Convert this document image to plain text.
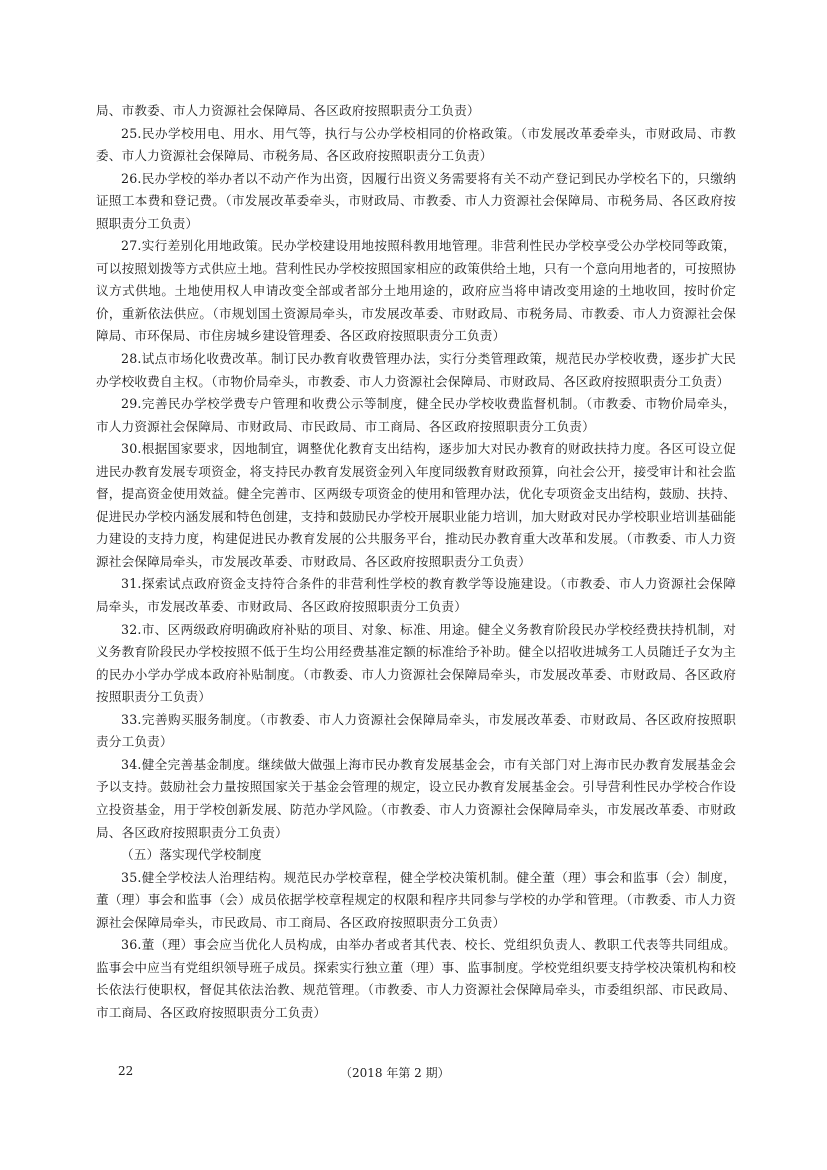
局、市教委、市人力资源社会保障局、各区政府按照职责分工负责）

25.民办学校用电、用水、用气等，执行与公办学校相同的价格政策。（市发展改革委牵头，市财政局、市教委、市人力资源社会保障局、市税务局、各区政府按照职责分工负责）

26.民办学校的举办者以不动产作为出资，因履行出资义务需要将有关不动产登记到民办学校名下的，只缴纳证照工本费和登记费。（市发展改革委牵头，市财政局、市教委、市人力资源社会保障局、市税务局、各区政府按照职责分工负责）

27.实行差别化用地政策。民办学校建设用地按照科教用地管理。非营利性民办学校享受公办学校同等政策，可以按照划拨等方式供应土地。营利性民办学校按照国家相应的政策供给土地，只有一个意向用地者的，可按照协议方式供地。土地使用权人申请改变全部或者部分土地用途的，政府应当将申请改变用途的土地收回，按时价定价，重新依法供应。（市规划国土资源局牵头，市发展改革委、市财政局、市税务局、市教委、市人力资源社会保障局、市环保局、市住房城乡建设管理委、各区政府按照职责分工负责）

28.试点市场化收费改革。制订民办教育收费管理办法，实行分类管理政策，规范民办学校收费，逐步扩大民办学校收费自主权。（市物价局牵头，市教委、市人力资源社会保障局、市财政局、各区政府按照职责分工负责）

29.完善民办学校学费专户管理和收费公示等制度，健全民办学校收费监督机制。（市教委、市物价局牵头，市人力资源社会保障局、市财政局、市民政局、市工商局、各区政府按照职责分工负责）

30.根据国家要求，因地制宜，调整优化教育支出结构，逐步加大对民办教育的财政扶持力度。各区可设立促进民办教育发展专项资金，将支持民办教育发展资金列入年度同级教育财政预算，向社会公开，接受审计和社会监督，提高资金使用效益。健全完善市、区两级专项资金的使用和管理办法，优化专项资金支出结构，鼓励、扶持、促进民办学校内涵发展和特色创建，支持和鼓励民办学校开展职业能力培训，加大财政对民办学校职业培训基础能力建设的支持力度，构建促进民办教育发展的公共服务平台，推动民办教育重大改革和发展。（市教委、市人力资源社会保障局牵头，市发展改革委、市财政局、各区政府按照职责分工负责）

31.探索试点政府资金支持符合条件的非营利性学校的教育教学等设施建设。（市教委、市人力资源社会保障局牵头，市发展改革委、市财政局、各区政府按照职责分工负责）

32.市、区两级政府明确政府补贴的项目、对象、标准、用途。健全义务教育阶段民办学校经费扶持机制，对义务教育阶段民办学校按照不低于生均公用经费基准定额的标准给予补助。健全以招收进城务工人员随迁子女为主的民办小学办学成本政府补贴制度。（市教委、市人力资源社会保障局牵头，市发展改革委、市财政局、各区政府按照职责分工负责）

33.完善购买服务制度。（市教委、市人力资源社会保障局牵头，市发展改革委、市财政局、各区政府按照职责分工负责）

34.健全完善基金制度。继续做大做强上海市民办教育发展基金会，市有关部门对上海市民办教育发展基金会予以支持。鼓励社会力量按照国家关于基金会管理的规定，设立民办教育发展基金会。引导营利性民办学校合作设立投资基金，用于学校创新发展、防范办学风险。（市教委、市人力资源社会保障局牵头，市发展改革委、市财政局、各区政府按照职责分工负责）

（五）落实现代学校制度

35.健全学校法人治理结构。规范民办学校章程，健全学校决策机制。健全董（理）事会和监事（会）制度，董（理）事会和监事（会）成员依据学校章程规定的权限和程序共同参与学校的办学和管理。（市教委、市人力资源社会保障局牵头，市民政局、市工商局、各区政府按照职责分工负责）

36.董（理）事会应当优化人员构成，由举办者或者其代表、校长、党组织负责人、教职工代表等共同组成。监事会中应当有党组织领导班子成员。探索实行独立董（理）事、监事制度。学校党组织要支持学校决策机构和校长依法行使职权，督促其依法治教、规范管理。（市教委、市人力资源社会保障局牵头，市委组织部、市民政局、市工商局、各区政府按照职责分工负责）

22	（2018 年第 2 期）
